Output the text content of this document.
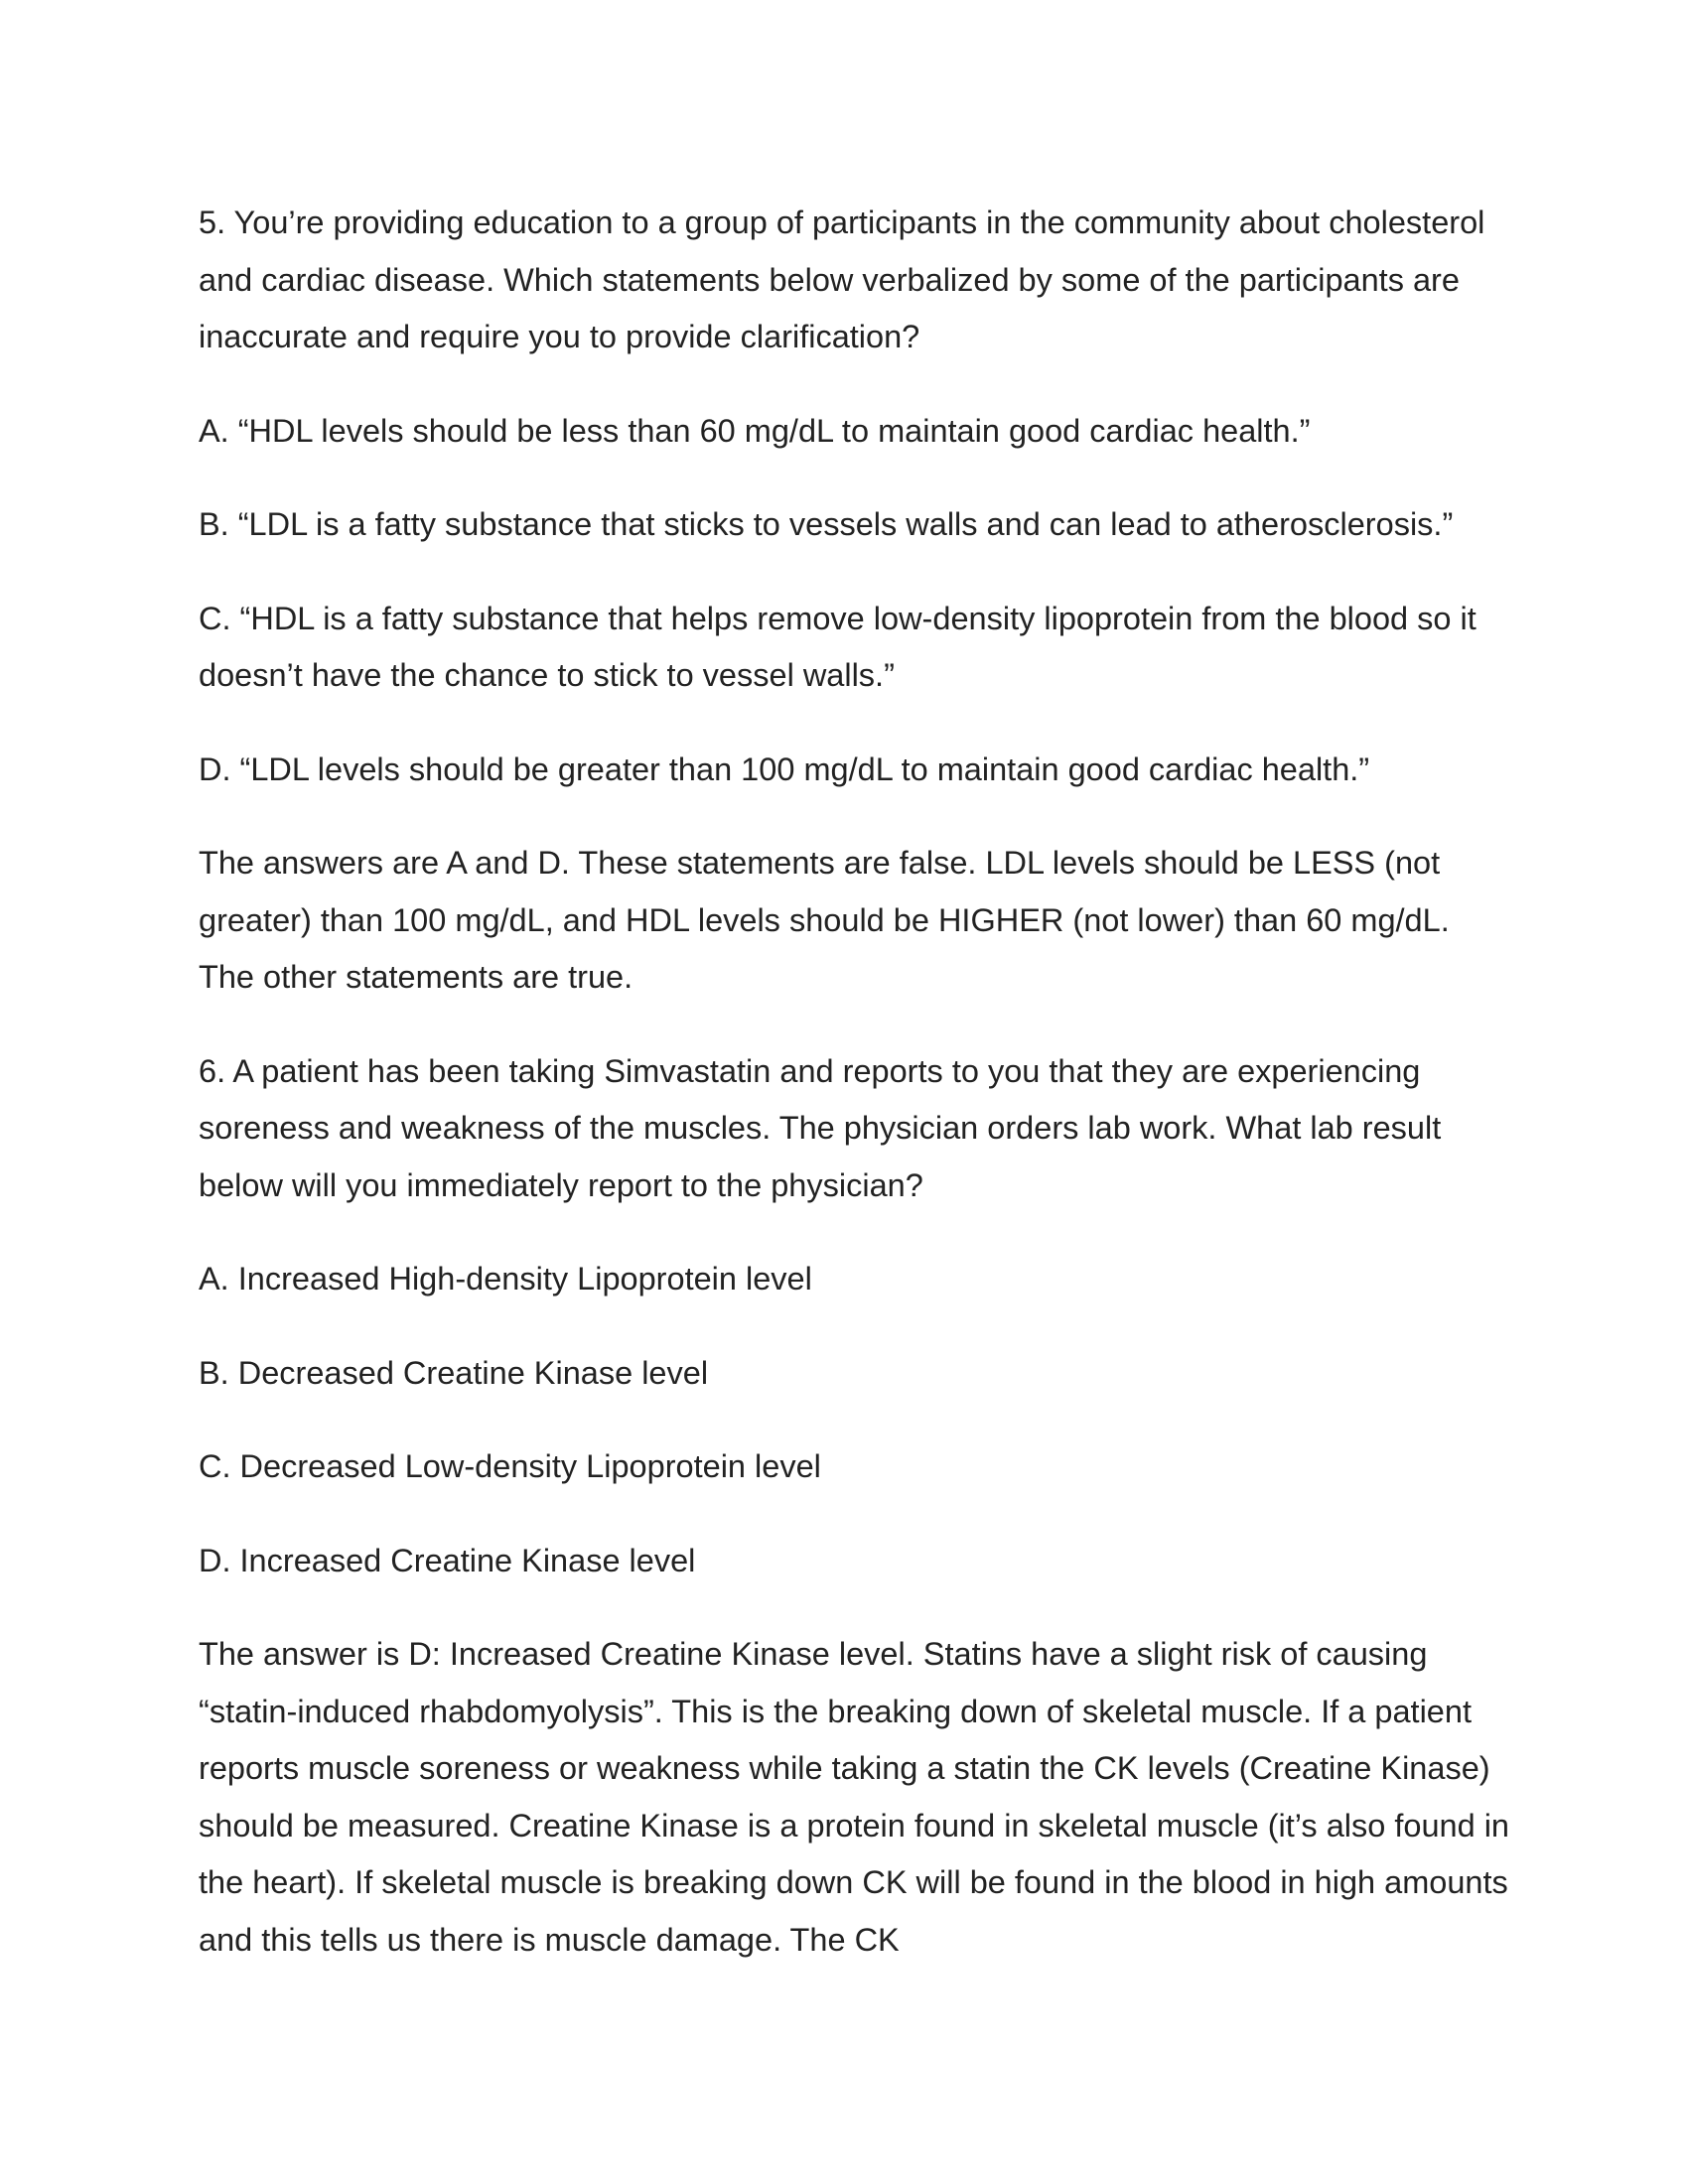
5. You’re providing education to a group of participants in the community about cholesterol and cardiac disease. Which statements below verbalized by some of the participants are inaccurate and require you to provide clarification?

A. “HDL levels should be less than 60 mg/dL to maintain good cardiac health.”

B. “LDL is a fatty substance that sticks to vessels walls and can lead to atherosclerosis.”

C. “HDL is a fatty substance that helps remove low-density lipoprotein from the blood so it doesn’t have the chance to stick to vessel walls.”

D. “LDL levels should be greater than 100 mg/dL to maintain good cardiac health.”

The answers are A and D. These statements are false. LDL levels should be LESS (not greater) than 100 mg/dL, and HDL levels should be HIGHER (not lower) than 60 mg/dL. The other statements are true.

6. A patient has been taking Simvastatin and reports to you that they are experiencing soreness and weakness of the muscles. The physician orders lab work. What lab result below will you immediately report to the physician?

A. Increased High-density Lipoprotein level

B. Decreased Creatine Kinase level

C. Decreased Low-density Lipoprotein level

D. Increased Creatine Kinase level

The answer is D: Increased Creatine Kinase level. Statins have a slight risk of causing “statin-induced rhabdomyolysis”. This is the breaking down of skeletal muscle. If a patient reports muscle soreness or weakness while taking a statin the CK levels (Creatine Kinase) should be measured. Creatine Kinase is a protein found in skeletal muscle (it’s also found in the heart). If skeletal muscle is breaking down CK will be found in the blood in high amounts and this tells us there is muscle damage. The CK
